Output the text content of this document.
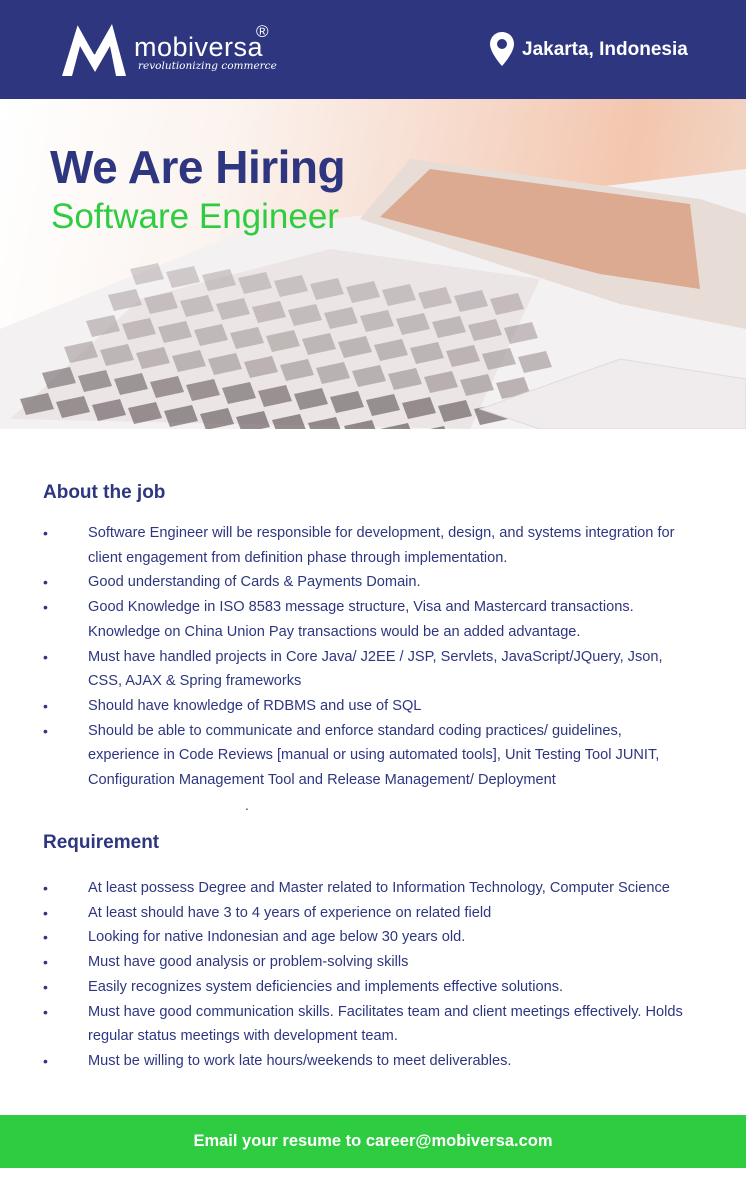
mobiversa
®
revolutionizing commerce
Jakarta, Indonesia
We Are Hiring
Software Engineer
About the job
•	Software Engineer will be responsible for development, design, and systems integration for client engagement from definition phase through implementation.
•	Good understanding of Cards & Payments Domain.
•	Good Knowledge in ISO 8583 message structure, Visa and Mastercard transactions. Knowledge on China Union Pay transactions would be an added advantage.
•	Must have handled projects in Core Java/ J2EE / JSP, Servlets, JavaScript/JQuery, Json, CSS, AJAX & Spring frameworks
•	Should have knowledge of RDBMS and use of SQL
•	Should be able to communicate and enforce standard coding practices/ guidelines, experience in Code Reviews [manual or using automated tools], Unit Testing Tool JUNIT, Configuration Management Tool and Release Management/ Deployment
.
Requirement
•	At least possess Degree and Master related to Information Technology, Computer Science
•	At least should have 3 to 4 years of experience on related field
•	Looking for native Indonesian and age below 30 years old.
•	Must have good analysis or problem-solving skills
•	Easily recognizes system deficiencies and implements effective solutions.
•	Must have good communication skills. Facilitates team and client meetings effectively. Holds regular status meetings with development team.
•	Must be willing to work late hours/weekends to meet deliverables.
Email your resume to career@mobiversa.com
